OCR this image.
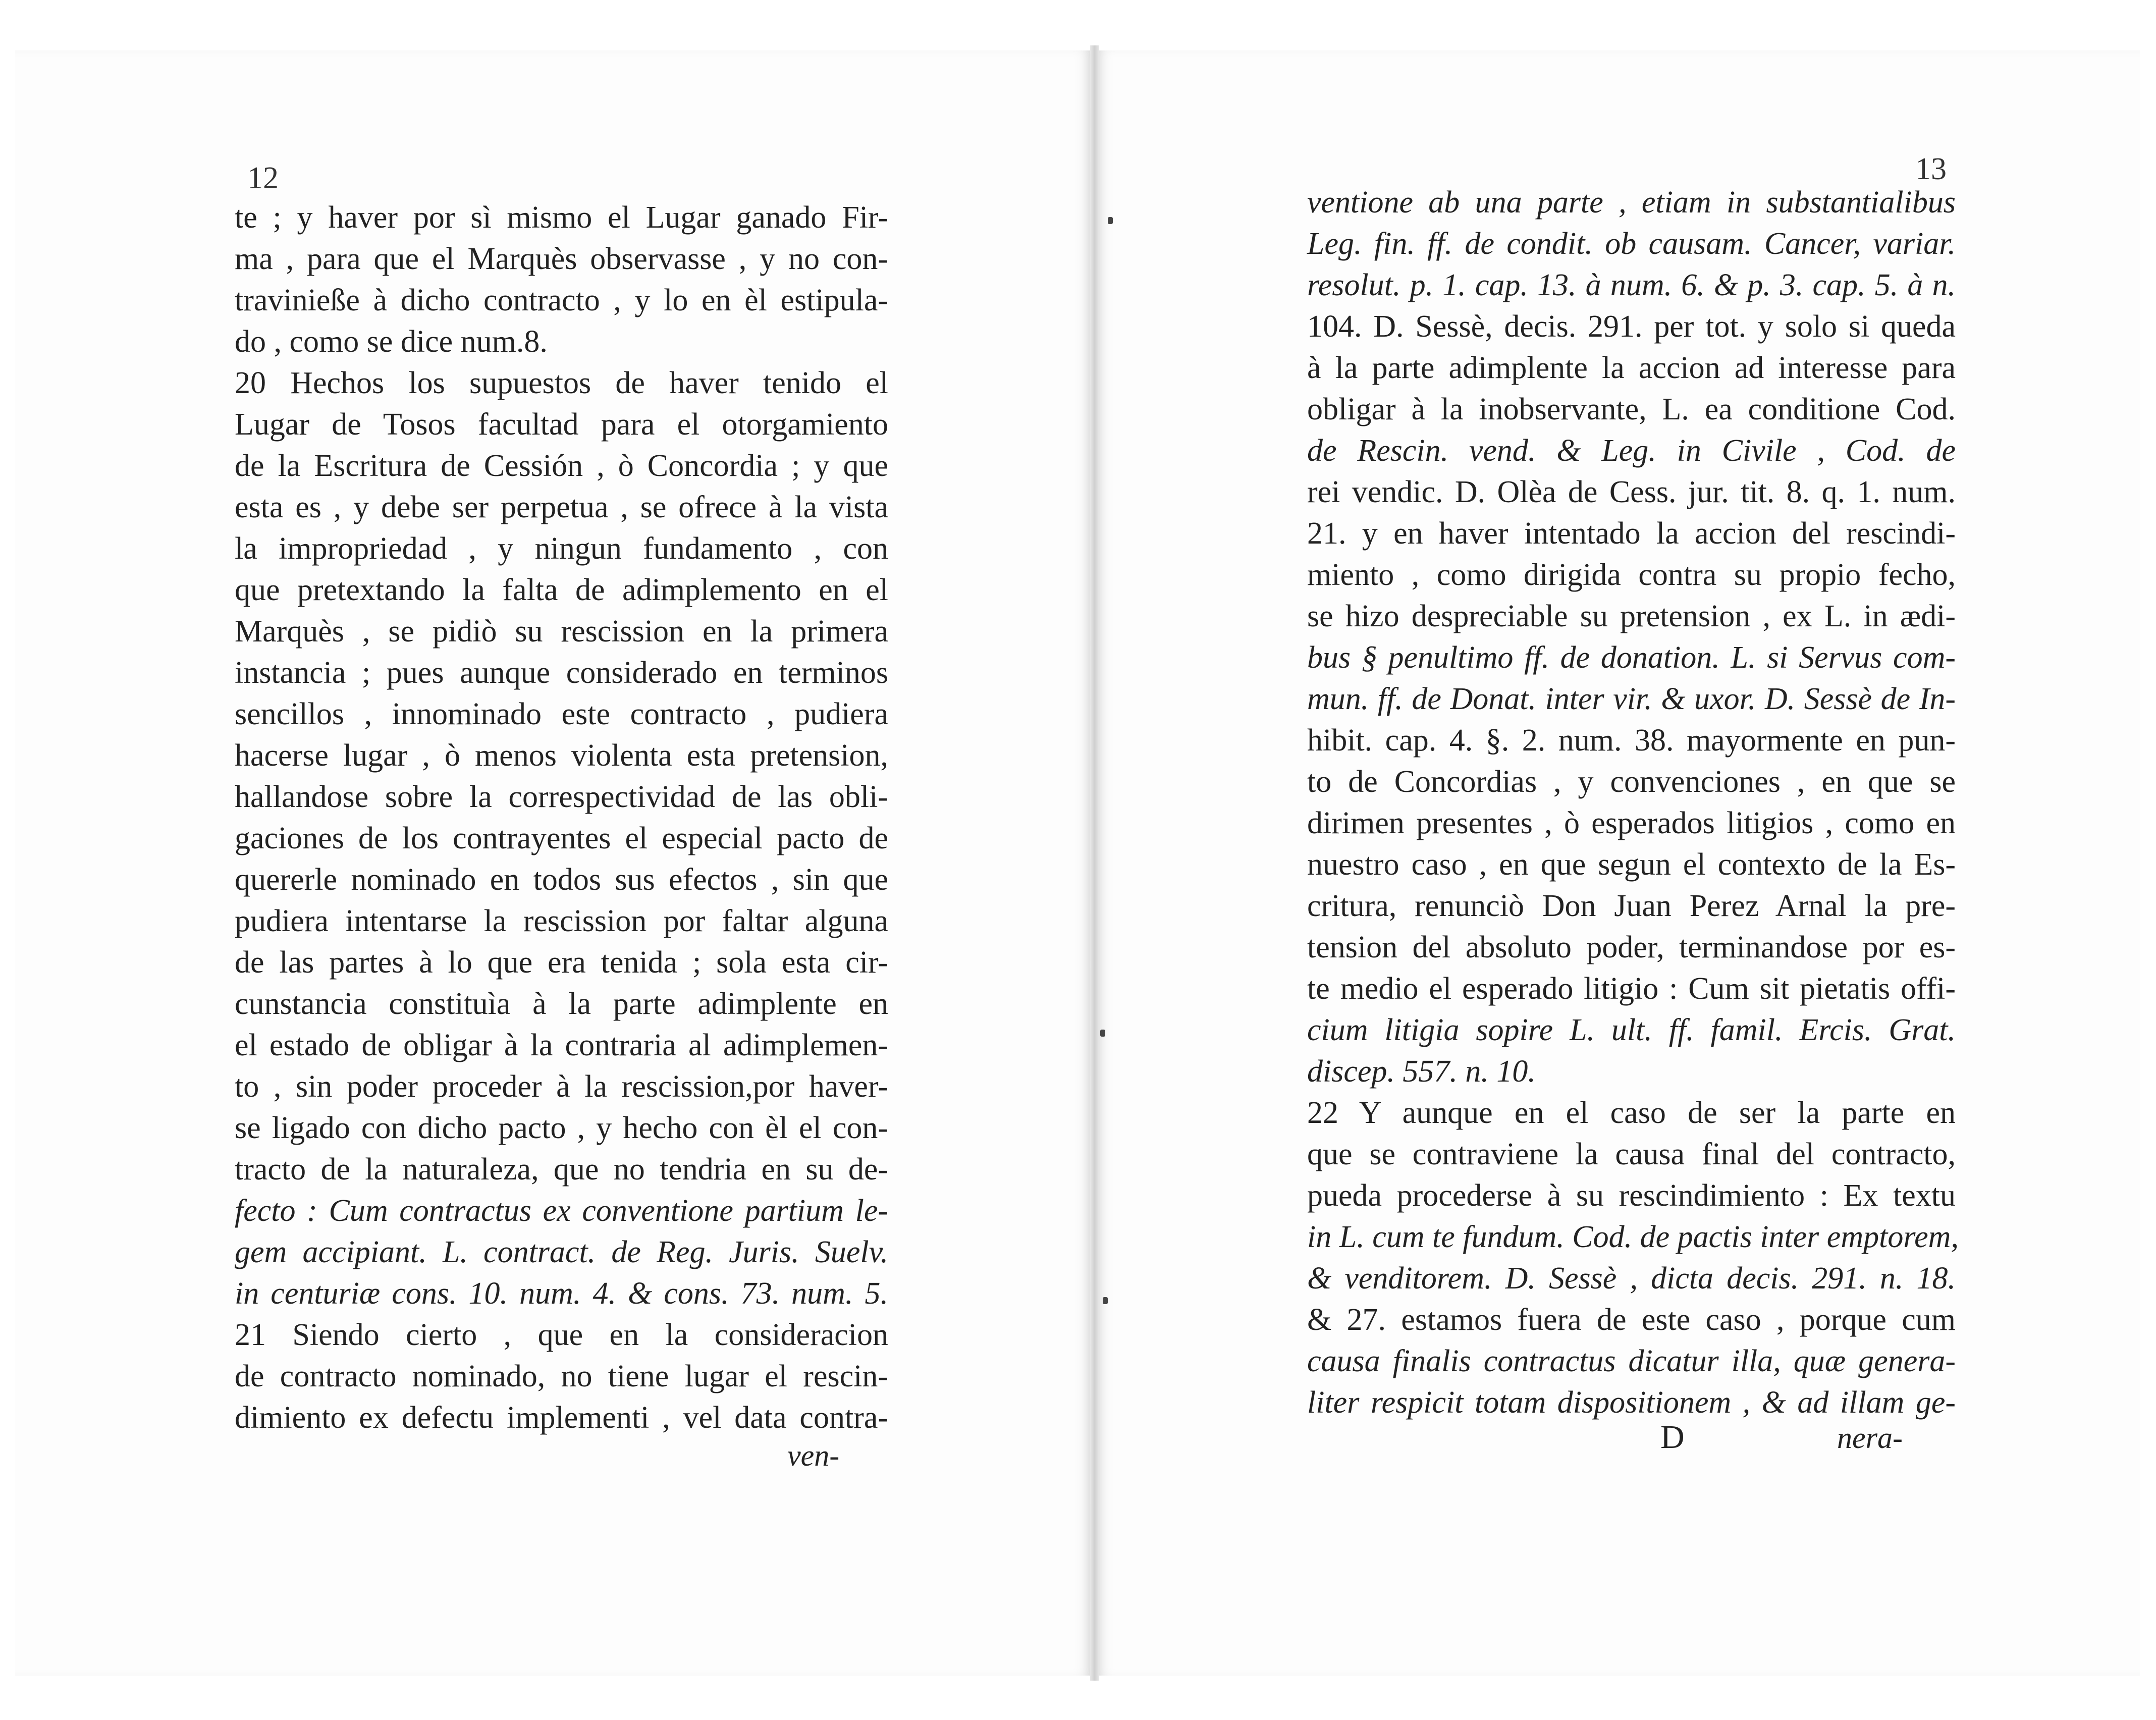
12	13
te ; y haver por sì mismo el Lugar ganado Fir-
ma , para que el Marquès observasse , y no con-
travinieße à dicho contracto , y lo en èl estipula-
do , como se dice num.8.
20 Hechos los supuestos de haver tenido el
Lugar de Tosos facultad para el otorgamiento
de la Escritura de Cessión , ò Concordia ; y que
esta es , y debe ser perpetua , se ofrece à la vista
la impropriedad , y ningun fundamento , con
que pretextando la falta de adimplemento en el
Marquès , se pidiò su rescission en la primera
instancia ; pues aunque considerado en terminos
sencillos , innominado este contracto , pudiera
hacerse lugar , ò menos violenta esta pretension,
hallandose sobre la correspectividad de las obli-
gaciones de los contrayentes el especial pacto de
quererle nominado en todos sus efectos , sin que
pudiera intentarse la rescission por faltar alguna
de las partes à lo que era tenida ; sola esta cir-
cunstancia constituìa à la parte adimplente en
el estado de obligar à la contraria al adimplemen-
to , sin poder proceder à la rescission,por haver-
se ligado con dicho pacto , y hecho con èl el con-
tracto de la naturaleza, que no tendria en su de-
fecto : Cum contractus ex conventione partium le-
gem accipiant. L. contract. de Reg. Juris. Suelv.
in centuriæ cons. 10. num. 4. & cons. 73. num. 5.
21 Siendo cierto , que en la consideracion
de contracto nominado, no tiene lugar el rescin-
dimiento ex defectu implementi , vel data contra-
ven-
ventione ab una parte , etiam in substantialibus
Leg. fin. ff. de condit. ob causam. Cancer, variar.
resolut. p. 1. cap. 13. à num. 6. & p. 3. cap. 5. à n.
104. D. Sessè, decis. 291. per tot. y solo si queda
à la parte adimplente la accion ad interesse para
obligar à la inobservante, L. ea conditione Cod.
de Rescin. vend. & Leg. in Civile , Cod. de
rei vendic. D. Olèa de Cess. jur. tit. 8. q. 1. num.
21. y en haver intentado la accion del rescindi-
miento , como dirigida contra su propio fecho,
se hizo despreciable su pretension , ex L. in ædi-
bus § penultimo ff. de donation. L. si Servus com-
mun. ff. de Donat. inter vir. & uxor. D. Sessè de In-
hibit. cap. 4. §. 2. num. 38. mayormente en pun-
to de Concordias , y convenciones , en que se
dirimen presentes , ò esperados litigios , como en
nuestro caso , en que segun el contexto de la Es-
critura, renunciò Don Juan Perez Arnal la pre-
tension del absoluto poder, terminandose por es-
te medio el esperado litigio : Cum sit pietatis offi-
cium litigia sopire L. ult. ff. famil. Ercis. Grat.
discep. 557. n. 10.
22 Y aunque en el caso de ser la parte en
que se contraviene la causa final del contracto,
pueda procederse à su rescindimiento : Ex textu
in L. cum te fundum. Cod. de pactis inter emptorem,
& venditorem. D. Sessè , dicta decis. 291. n. 18.
& 27. estamos fuera de este caso , porque cum
causa finalis contractus dicatur illa, quæ genera-
liter respicit totam dispositionem , & ad illam ge-
D	nera-
